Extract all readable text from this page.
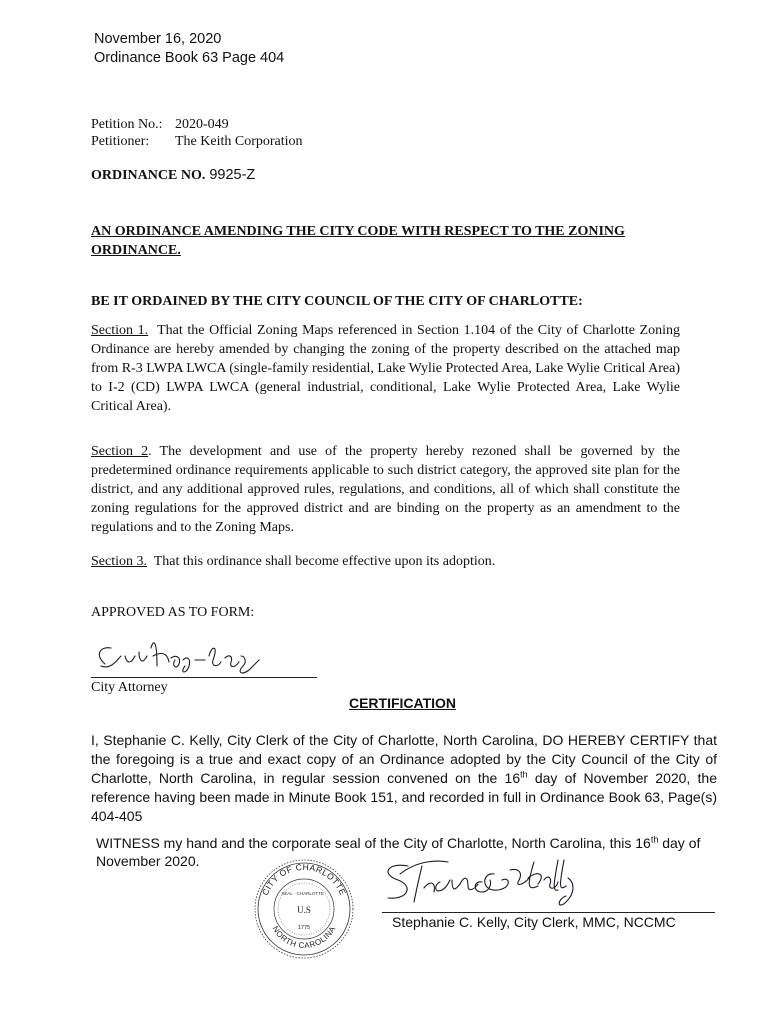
November 16, 2020
Ordinance Book 63 Page 404
Petition No.: 2020-049
Petitioner: The Keith Corporation
ORDINANCE NO. 9925-Z
AN ORDINANCE AMENDING THE CITY CODE WITH RESPECT TO THE ZONING ORDINANCE.
BE IT ORDAINED BY THE CITY COUNCIL OF THE CITY OF CHARLOTTE:
Section 1. That the Official Zoning Maps referenced in Section 1.104 of the City of Charlotte Zoning Ordinance are hereby amended by changing the zoning of the property described on the attached map from R-3 LWPA LWCA (single-family residential, Lake Wylie Protected Area, Lake Wylie Critical Area) to I-2 (CD) LWPA LWCA (general industrial, conditional, Lake Wylie Protected Area, Lake Wylie Critical Area).
Section 2. The development and use of the property hereby rezoned shall be governed by the predetermined ordinance requirements applicable to such district category, the approved site plan for the district, and any additional approved rules, regulations, and conditions, all of which shall constitute the zoning regulations for the approved district and are binding on the property as an amendment to the regulations and to the Zoning Maps.
Section 3. That this ordinance shall become effective upon its adoption.
APPROVED AS TO FORM:
City Attorney
CERTIFICATION
I, Stephanie C. Kelly, City Clerk of the City of Charlotte, North Carolina, DO HEREBY CERTIFY that the foregoing is a true and exact copy of an Ordinance adopted by the City Council of the City of Charlotte, North Carolina, in regular session convened on the 16th day of November 2020, the reference having been made in Minute Book 151, and recorded in full in Ordinance Book 63, Page(s) 404-405
WITNESS my hand and the corporate seal of the City of Charlotte, North Carolina, this 16th day of November 2020.
CITY OF CHARLOTTE
NORTH CAROLINA
U.S
1775
SEAL · CHARLOTTE ·
Stephanie C. Kelly, City Clerk, MMC, NCCMC
